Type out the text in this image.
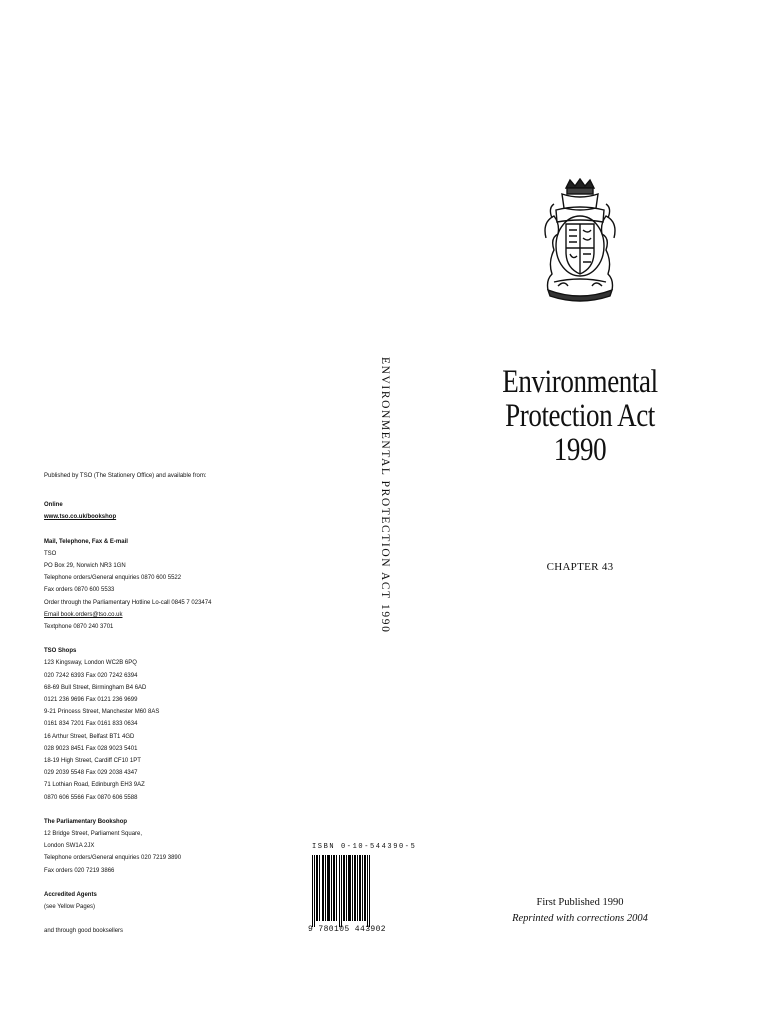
Published by TSO (The Stationery Office) and available from:
Online
www.tso.co.uk/bookshop
Mail, Telephone, Fax & E-mail
TSO
PO Box 29, Norwich NR3 1GN
Telephone orders/General enquiries 0870 600 5522
Fax orders 0870 600 5533
Order through the Parliamentary Hotline Lo-call 0845 7 023474
Email book.orders@tso.co.uk
Textphone 0870 240 3701
TSO Shops
123 Kingsway, London WC2B 6PQ
020 7242 6393 Fax 020 7242 6394
68-69 Bull Street, Birmingham B4 6AD
0121 236 9696 Fax 0121 236 9699
9-21 Princess Street, Manchester M60 8AS
0161 834 7201 Fax 0161 833 0634
16 Arthur Street, Belfast BT1 4GD
028 9023 8451 Fax 028 9023 5401
18-19 High Street, Cardiff CF10 1PT
029 2039 5548 Fax 029 2038 4347
71 Lothian Road, Edinburgh EH3 9AZ
0870 606 5566 Fax 0870 606 5588
The Parliamentary Bookshop
12 Bridge Street, Parliament Square,
London SW1A 2JX
Telephone orders/General enquiries 020 7219 3890
Fax orders 020 7219 3866
Accredited Agents
(see Yellow Pages)
and through good booksellers
ENVIRONMENTAL PROTECTION ACT 1990	Environmental
Protection Act
1990
CHAPTER 43
First Published 1990
Reprinted with corrections 2004
ISBN 0-10-544390-5
9 780105 443902
